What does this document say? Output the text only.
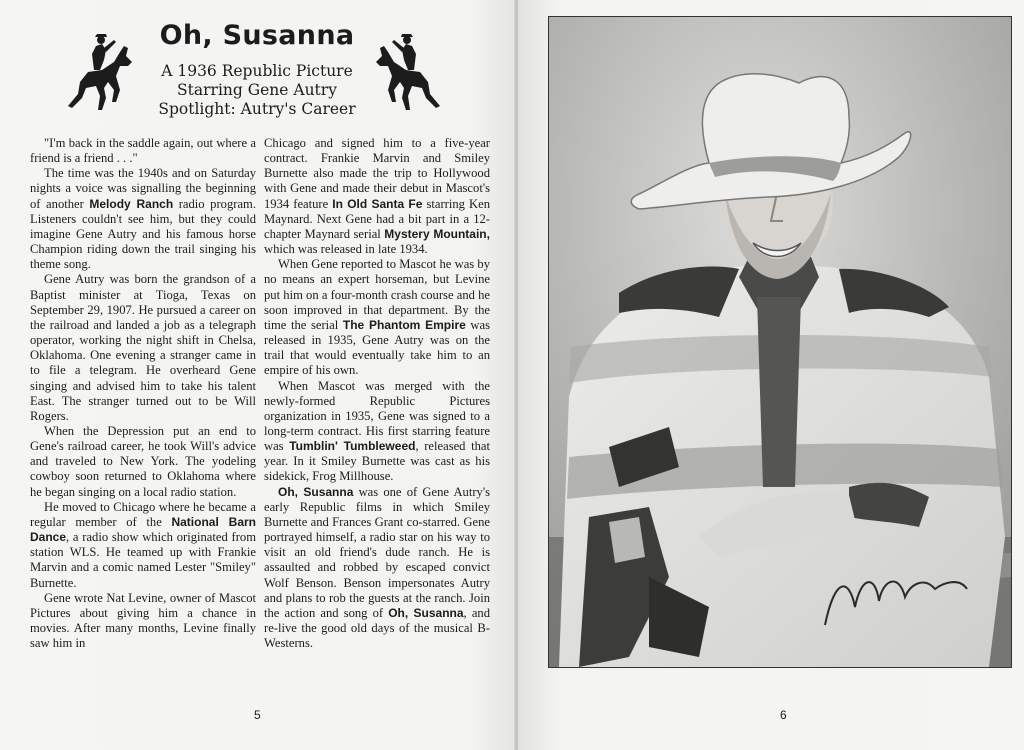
Oh, Susanna
A 1936 Republic Picture
Starring Gene Autry
Spotlight: Autry's Career

"I'm back in the saddle again, out where a friend is a friend . . ."

The time was the 1940s and on Saturday nights a voice was signalling the beginning of another Melody Ranch radio program. Listeners couldn't see him, but they could imagine Gene Autry and his famous horse Champion riding down the trail singing his theme song.

Gene Autry was born the grandson of a Baptist minister at Tioga, Texas on September 29, 1907. He pursued a career on the railroad and landed a job as a telegraph operator, working the night shift in Chelsa, Oklahoma. One evening a stranger came in to file a telegram. He overheard Gene singing and advised him to take his talent East. The stranger turned out to be Will Rogers.

When the Depression put an end to Gene's railroad career, he took Will's advice and traveled to New York. The yodeling cowboy soon returned to Oklahoma where he began singing on a local radio station.

He moved to Chicago where he became a regular member of the National Barn Dance, a radio show which originated from station WLS. He teamed up with Frankie Marvin and a comic named Lester "Smiley" Burnette.

Gene wrote Nat Levine, owner of Mascot Pictures about giving him a chance in movies. After many months, Levine finally saw him in

Chicago and signed him to a five-year contract. Frankie Marvin and Smiley Burnette also made the trip to Hollywood with Gene and made their debut in Mascot's 1934 feature In Old Santa Fe starring Ken Maynard. Next Gene had a bit part in a 12-chapter Maynard serial Mystery Mountain, which was released in late 1934.

When Gene reported to Mascot he was by no means an expert horseman, but Levine put him on a four-month crash course and he soon improved in that department. By the time the serial The Phantom Empire was released in 1935, Gene Autry was on the trail that would eventually take him to an empire of his own.

When Mascot was merged with the newly-formed Republic Pictures organization in 1935, Gene was signed to a long-term contract. His first starring feature was Tumblin' Tumbleweed, released that year. In it Smiley Burnette was cast as his sidekick, Frog Millhouse.

Oh, Susanna was one of Gene Autry's early Republic films in which Smiley Burnette and Frances Grant co-starred. Gene portrayed himself, a radio star on his way to visit an old friend's dude ranch. He is assaulted and robbed by escaped convict Wolf Benson. Benson impersonates Autry and plans to rob the guests at the ranch. Join the action and song of Oh, Susanna, and re-live the good old days of the musical B-Westerns.

5	6
